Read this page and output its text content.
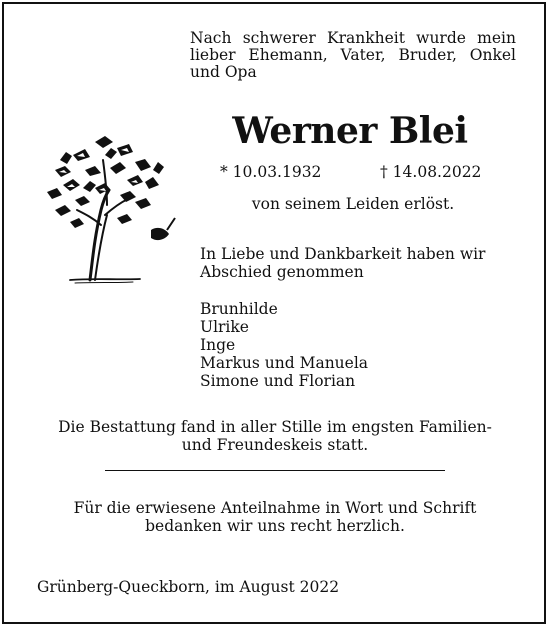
Nach schwerer Krankheit wurde mein lieber Ehemann, Vater, Bruder, Onkel und Opa
Werner Blei
* 10.03.1932	† 14.08.2022
von seinem Leiden erlöst.
In Liebe und Dankbarkeit haben wir Abschied genommen
Brunhilde
Ulrike
Inge
Markus und Manuela
Simone und Florian
Die Bestattung fand in aller Stille im engsten Familien-
und Freundeskeis statt.
Für die erwiesene Anteilnahme in Wort und Schrift
bedanken wir uns recht herzlich.
Grünberg-Queckborn, im August 2022
